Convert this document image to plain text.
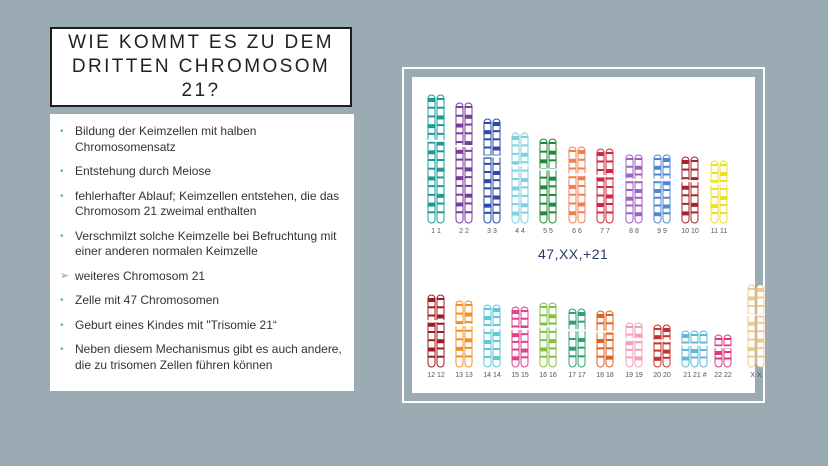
WIE KOMMT ES ZU DEM
DRITTEN CHROMOSOM 21?
• Bildung der Keimzellen mit halben Chromosomensatz
• Entstehung durch Meiose
• fehlerhafter Ablauf; Keimzellen entstehen, die das Chromosom 21 zweimal enthalten
• Verschmilzt solche Keimzelle bei Befruchtung mit einer anderen normalen Keimzelle
➢ weiteres Chromosom 21
• Zelle mit 47 Chromosomen
• Geburt eines Kindes mit "Trisomie 21“
• Neben diesem Mechanismus gibt es auch andere, die zu trisomen Zellen führen können
1 1	2 2	3 3	4 4	5 5	6 6	7 7	8 8	9 9 10 10 11 11
12 12 13 13 14 14 15 15 16 16 17 17 18 18 19 19 20 20 21 21 # 22 22	X X
47,XX,+21
